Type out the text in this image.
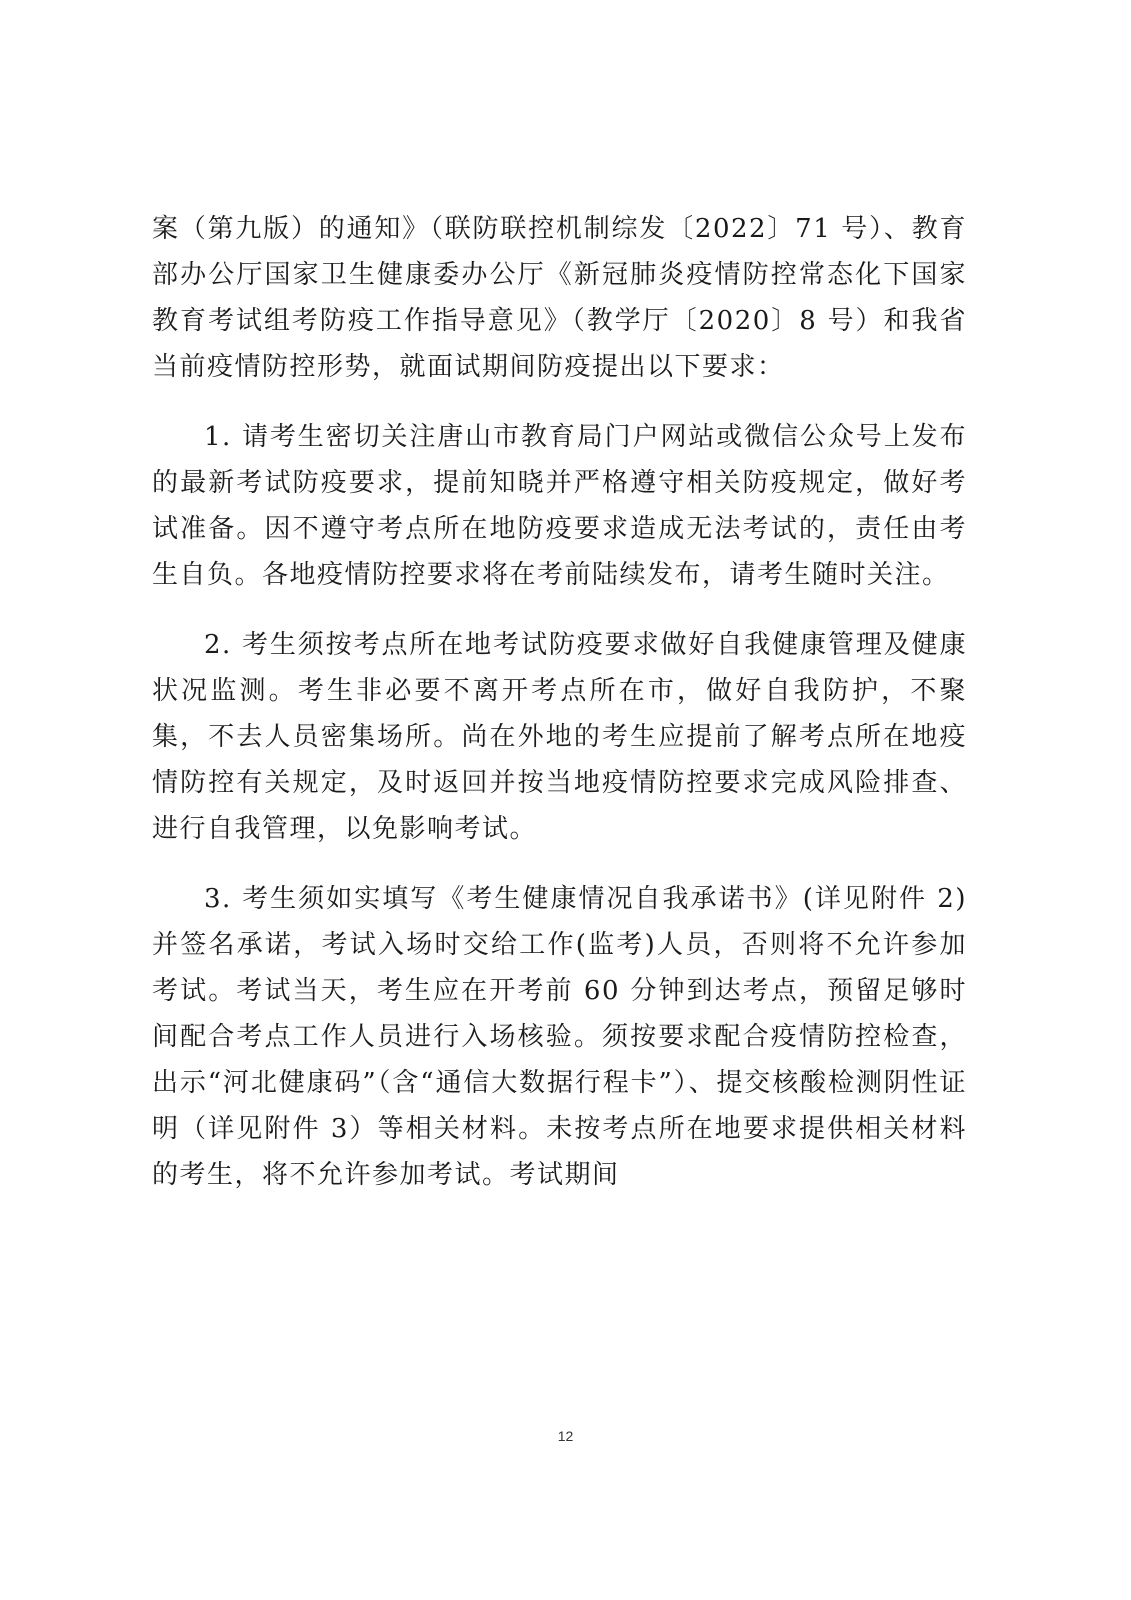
案（第九版）的通知》（联防联控机制综发〔2022〕71 号）、教育部办公厅国家卫生健康委办公厅《新冠肺炎疫情防控常态化下国家教育考试组考防疫工作指导意见》（教学厅〔2020〕8 号）和我省当前疫情防控形势，就面试期间防疫提出以下要求：

1. 请考生密切关注唐山市教育局门户网站或微信公众号上发布的最新考试防疫要求，提前知晓并严格遵守相关防疫规定，做好考试准备。因不遵守考点所在地防疫要求造成无法考试的，责任由考生自负。各地疫情防控要求将在考前陆续发布，请考生随时关注。

2. 考生须按考点所在地考试防疫要求做好自我健康管理及健康状况监测。考生非必要不离开考点所在市，做好自我防护，不聚集，不去人员密集场所。尚在外地的考生应提前了解考点所在地疫情防控有关规定，及时返回并按当地疫情防控要求完成风险排查、进行自我管理，以免影响考试。

3. 考生须如实填写《考生健康情况自我承诺书》(详见附件 2)并签名承诺，考试入场时交给工作(监考)人员，否则将不允许参加考试。考试当天，考生应在开考前 60 分钟到达考点，预留足够时间配合考点工作人员进行入场核验。须按要求配合疫情防控检查，出示“河北健康码”（含“通信大数据行程卡”）、提交核酸检测阴性证明（详见附件 3）等相关材料。未按考点所在地要求提供相关材料的考生，将不允许参加考试。考试期间

12
